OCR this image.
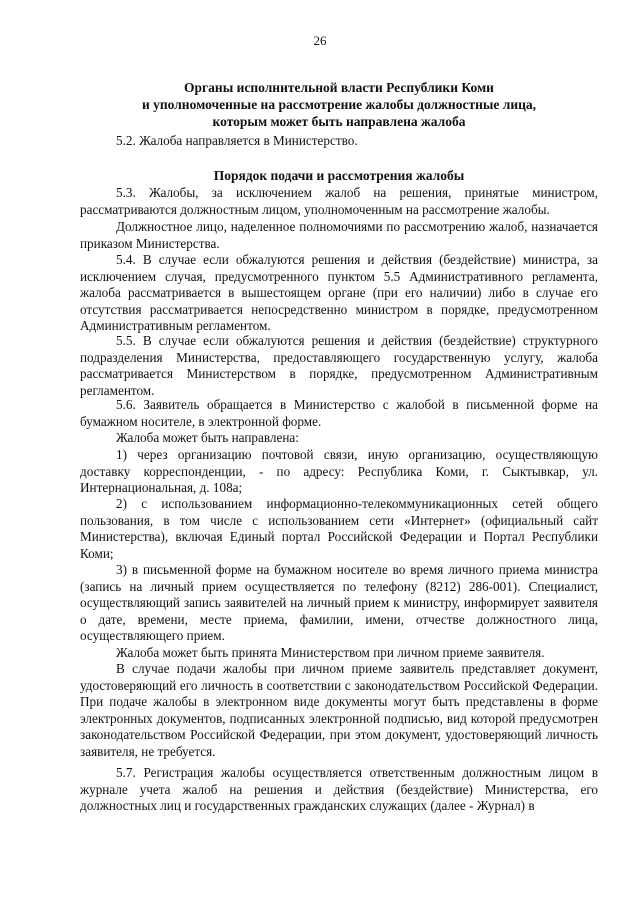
26
Органы исполнительной власти Республики Коми
и уполномоченные на рассмотрение жалобы должностные лица,
которым может быть направлена жалоба

5.2. Жалоба направляется в Министерство.

Порядок подачи и рассмотрения жалобы

5.3. Жалобы, за исключением жалоб на решения, принятые министром, рассматриваются должностным лицом, уполномоченным на рассмотрение жалобы.

Должностное лицо, наделенное полномочиями по рассмотрению жалоб, назначается приказом Министерства.

5.4. В случае если обжалуются решения и действия (бездействие) министра, за исключением случая, предусмотренного пунктом 5.5 Административного регламента, жалоба рассматривается в вышестоящем органе (при его наличии) либо в случае его отсутствия рассматривается непосредственно министром в порядке, предусмотренном Административным регламентом.

5.5. В случае если обжалуются решения и действия (бездействие) структурного подразделения Министерства, предоставляющего государственную услугу, жалоба рассматривается Министерством в порядке, предусмотренном Административным регламентом.

5.6. Заявитель обращается в Министерство с жалобой в письменной форме на бумажном носителе, в электронной форме.

Жалоба может быть направлена:

1) через организацию почтовой связи, иную организацию, осуществляющую доставку корреспонденции, - по адресу: Республика Коми, г. Сыктывкар, ул. Интернациональная, д. 108а;

2) с использованием информационно-телекоммуникационных сетей общего пользования, в том числе с использованием сети «Интернет» (официальный сайт Министерства), включая Единый портал Российской Федерации и Портал Республики Коми;

3) в письменной форме на бумажном носителе во время личного приема министра (запись на личный прием осуществляется по телефону (8212) 286-001). Специалист, осуществляющий запись заявителей на личный прием к министру, информирует заявителя о дате, времени, месте приема, фамилии, имени, отчестве должностного лица, осуществляющего прием.

Жалоба может быть принята Министерством при личном приеме заявителя.

В случае подачи жалобы при личном приеме заявитель представляет документ, удостоверяющий его личность в соответствии с законодательством Российской Федерации. При подаче жалобы в электронном виде документы могут быть представлены в форме электронных документов, подписанных электронной подписью, вид которой предусмотрен законодательством Российской Федерации, при этом документ, удостоверяющий личность заявителя, не требуется.

5.7. Регистрация жалобы осуществляется ответственным должностным лицом в журнале учета жалоб на решения и действия (бездействие) Министерства, его должностных лиц и государственных гражданских служащих (далее - Журнал) в
